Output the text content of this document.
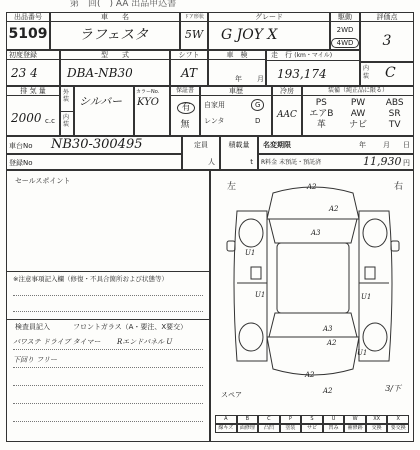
第　回(　) AA 出品申込書
出品番号
5109
車　　名
ラフェスタ
ドア形状
5W
グレード
G JOY X
駆動
2WD
4WD
評価点
3
初度登録
23 4
型　　式
DBA-NB30
シフト
AT
車　検
年 月
走　行 (km・マイル)
193,174	内装 C
排 気 量
2000 c.c
外装
内装
シルバー
カラーNo.
KYO
保証書
有
無
車歴
自家用
レンタ
G
D
冷房
AAC
装備（純正品に限る）
PS	PW	ABS
エアB	AW	SR
革	ナビ	TV
車台No NB30-300495
登録No
定員
人
積載量
t
名変期限	年 月 日
R料金 未預託・預託済	11,930 円
セールスポイント
※注意事項記入欄（修復・不具合箇所および状態等）
検査員記入	フロントガラス（A・要注、X要交）
パワステ ドライブ タイマー Rエンドパネル U
下回り フリー
左	右
A2
A2
U1	U1
A3
U1
A3
A2
U1
A2
A2
スペア
3/下
A	B	C	P	S	U	W	XX	X
線キズ	面修理	凸凹	塗装	サビ	凹み	補修跡	交換	要交換
